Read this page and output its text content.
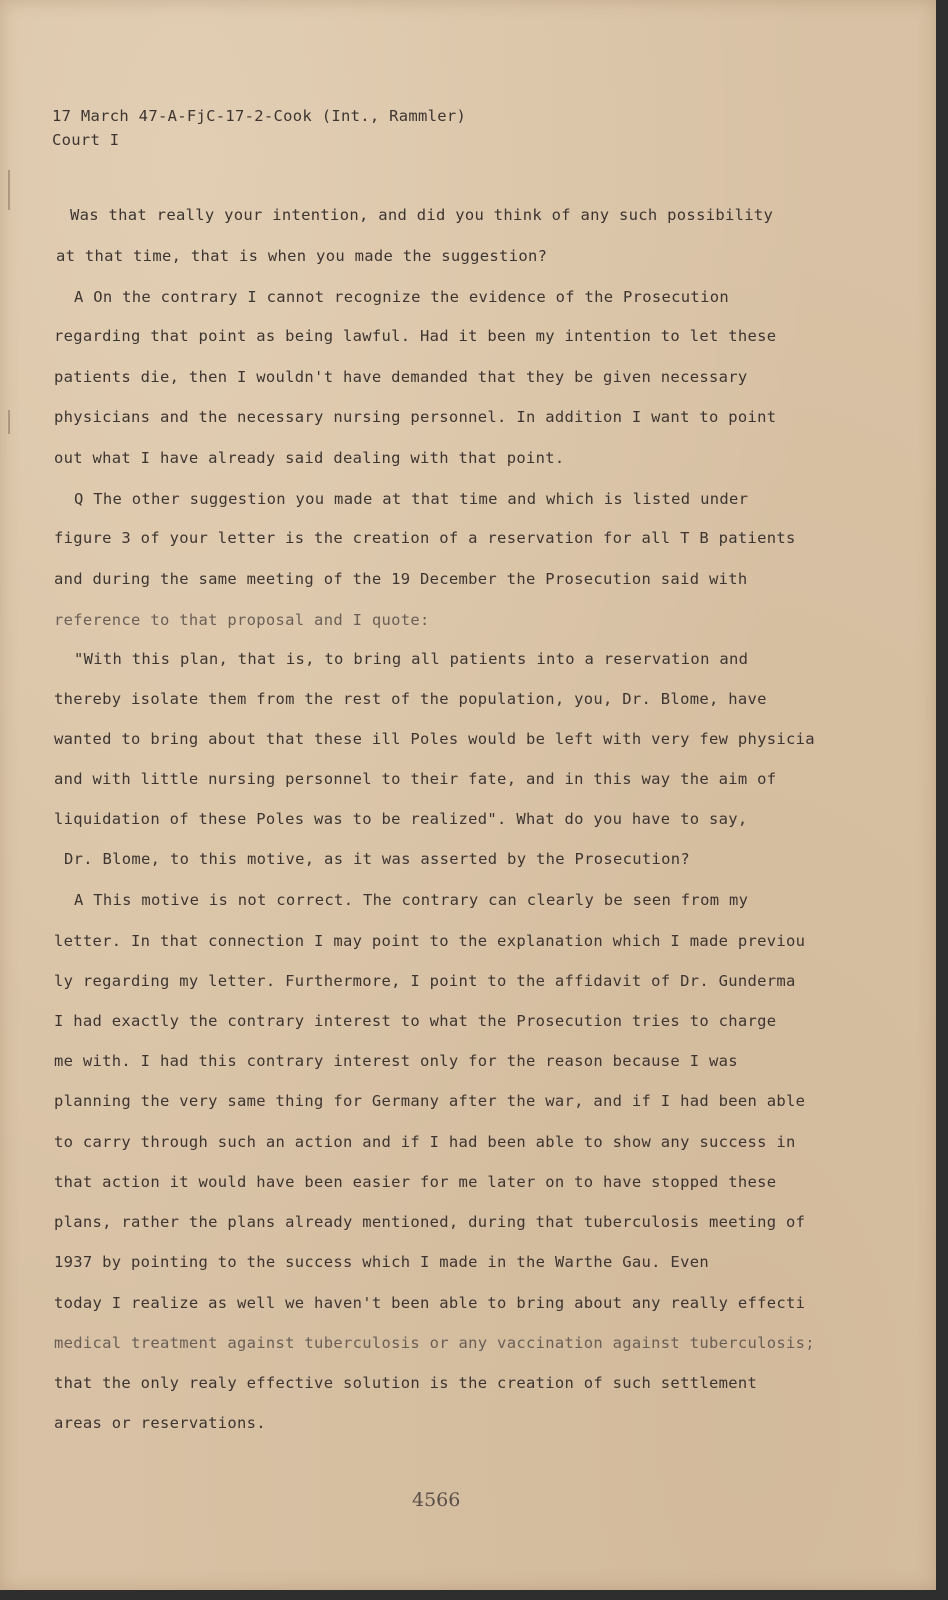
17 March 47-A-FjC-17-2-Cook (Int., Rammler)
Court I
Was that really your intention, and did you think of any such possibility
at that time, that is when you made the suggestion?
A On the contrary I cannot recognize the evidence of the Prosecution
regarding that point as being lawful. Had it been my intention to let these
patients die, then I wouldn't have demanded that they be given necessary
physicians and the necessary nursing personnel. In addition I want to point
out what I have already said dealing with that point.
Q The other suggestion you made at that time and which is listed under
figure 3 of your letter is the creation of a reservation for all T B patients
and during the same meeting of the 19 December the Prosecution said with
reference to that proposal and I quote:
"With this plan, that is, to bring all patients into a reservation and
thereby isolate them from the rest of the population, you, Dr. Blome, have
wanted to bring about that these ill Poles would be left with very few physicia
and with little nursing personnel to their fate, and in this way the aim of
liquidation of these Poles was to be realized". What do you have to say,
Dr. Blome, to this motive, as it was asserted by the Prosecution?
A This motive is not correct. The contrary can clearly be seen from my
letter. In that connection I may point to the explanation which I made previou
ly regarding my letter. Furthermore, I point to the affidavit of Dr. Gunderma
I had exactly the contrary interest to what the Prosecution tries to charge
me with. I had this contrary interest only for the reason because I was
planning the very same thing for Germany after the war, and if I had been able
to carry through such an action and if I had been able to show any success in
that action it would have been easier for me later on to have stopped these
plans, rather the plans already mentioned, during that tuberculosis meeting of
1937 by pointing to the success which I made in the Warthe Gau. Even
today I realize as well we haven't been able to bring about any really effecti
medical treatment against tuberculosis or any vaccination against tuberculosis;
that the only realy effective solution is the creation of such settlement
areas or reservations.
4566
